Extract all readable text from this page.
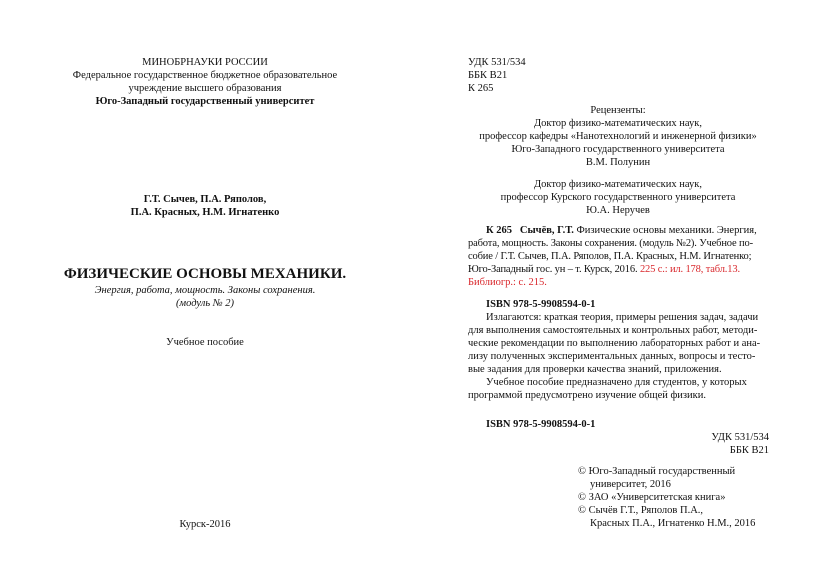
МИНОБРНАУКИ РОССИИ
Федеральное государственное бюджетное образовательное
учреждение высшего образования
Юго-Западный государственный университет
Г.Т. Сычев, П.А. Ряполов,
П.А. Красных, Н.М. Игнатенко
ФИЗИЧЕСКИЕ ОСНОВЫ МЕХАНИКИ.
Энергия, работа, мощность. Законы сохранения.
(модуль № 2)
Учебное пособие
Курск-2016
УДК 531/534
ББК В21
К 265
Рецензенты:
Доктор физико-математических наук,
профессор кафедры «Нанотехнологий и инженерной физики»
Юго-Западного государственного университета
В.М. Полунин
Доктор физико-математических наук,
профессор Курского государственного университета
Ю.А. Неручев
К 265 Сычёв, Г.Т. Физические основы механики. Энергия,
работа, мощность. Законы сохранения. (модуль №2). Учебное по-
собие / Г.Т. Сычев, П.А. Ряполов, П.А. Красных, Н.М. Игнатенко;
Юго-Западный гос. ун – т. Курск, 2016. 225 с.: ил. 178, табл.13.
Библиогр.: с. 215.
ISBN 978-5-9908594-0-1
Излагаются: краткая теория, примеры решения задач, задачи
для выполнения самостоятельных и контрольных работ, методи-
ческие рекомендации по выполнению лабораторных работ и ана-
лизу полученных экспериментальных данных, вопросы и тесто-
вые задания для проверки качества знаний, приложения.
Учебное пособие предназначено для студентов, у которых
программой предусмотрено изучение общей физики.
ISBN 978-5-9908594-0-1
УДК 531/534
ББК В21
© Юго-Западный государственный
университет, 2016
© ЗАО «Университетская книга»
© Сычёв Г.Т., Ряполов П.А.,
Красных П.А., Игнатенко Н.М., 2016
